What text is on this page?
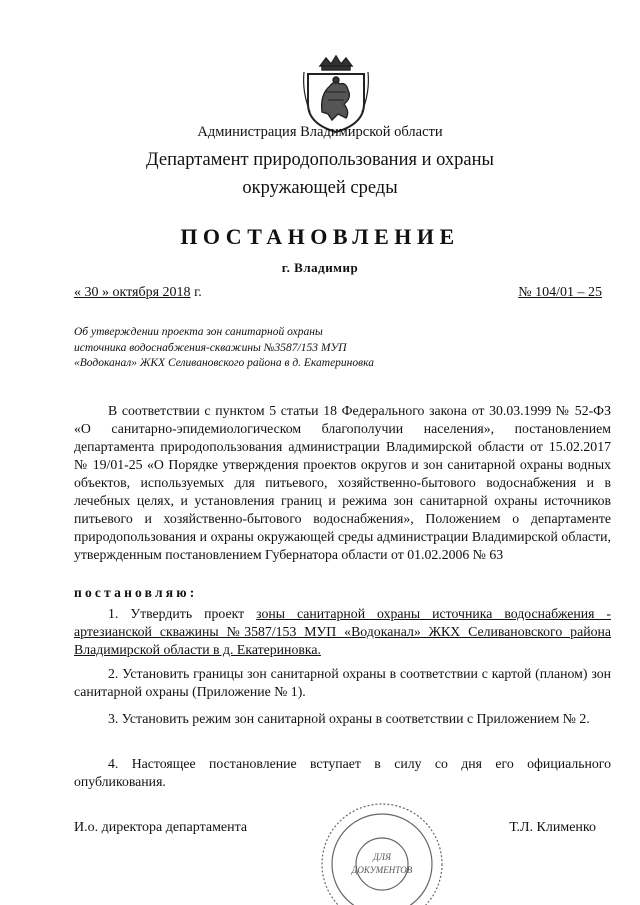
Администрация Владимирской области
Департамент природопользования и охраны
окружающей среды
ПОСТАНОВЛЕНИЕ
г. Владимир
« 30 » октября 2018 г.	№ 104/01 – 25
Об утверждении проекта зон санитарной охраны источника водоснабжения-скважины №3587/153 МУП «Водоканал» ЖКХ Селивановского района в д. Екатериновка
В соответствии с пунктом 5 статьи 18 Федерального закона от 30.03.1999 № 52-ФЗ «О санитарно-эпидемиологическом благополучии населения», постановлением департамента природопользования администрации Владимирской области от 15.02.2017 № 19/01-25 «О Порядке утверждения проектов округов и зон санитарной охраны водных объектов, используемых для питьевого, хозяйственно-бытового водоснабжения и в лечебных целях, и установления границ и режима зон санитарной охраны источников питьевого и хозяйственно-бытового водоснабжения», Положением о департаменте природопользования и охраны окружающей среды администрации Владимирской области, утвержденным постановлением Губернатора области от 01.02.2006 № 63
постановляю:
1. Утвердить проект зоны санитарной охраны источника водоснабжения - артезианской скважины №3587/153 МУП «Водоканал» ЖКХ Селивановского района Владимирской области в д. Екатериновка.
2. Установить границы зон санитарной охраны в соответствии с картой (планом) зон санитарной охраны (Приложение № 1).
3. Установить режим зон санитарной охраны в соответствии с Приложением № 2.
4. Настоящее постановление вступает в силу со дня его официального опубликования.
И.о. директора департамента	Т.Л. Клименко
ДЛЯ
ДОКУМЕНТОВ
